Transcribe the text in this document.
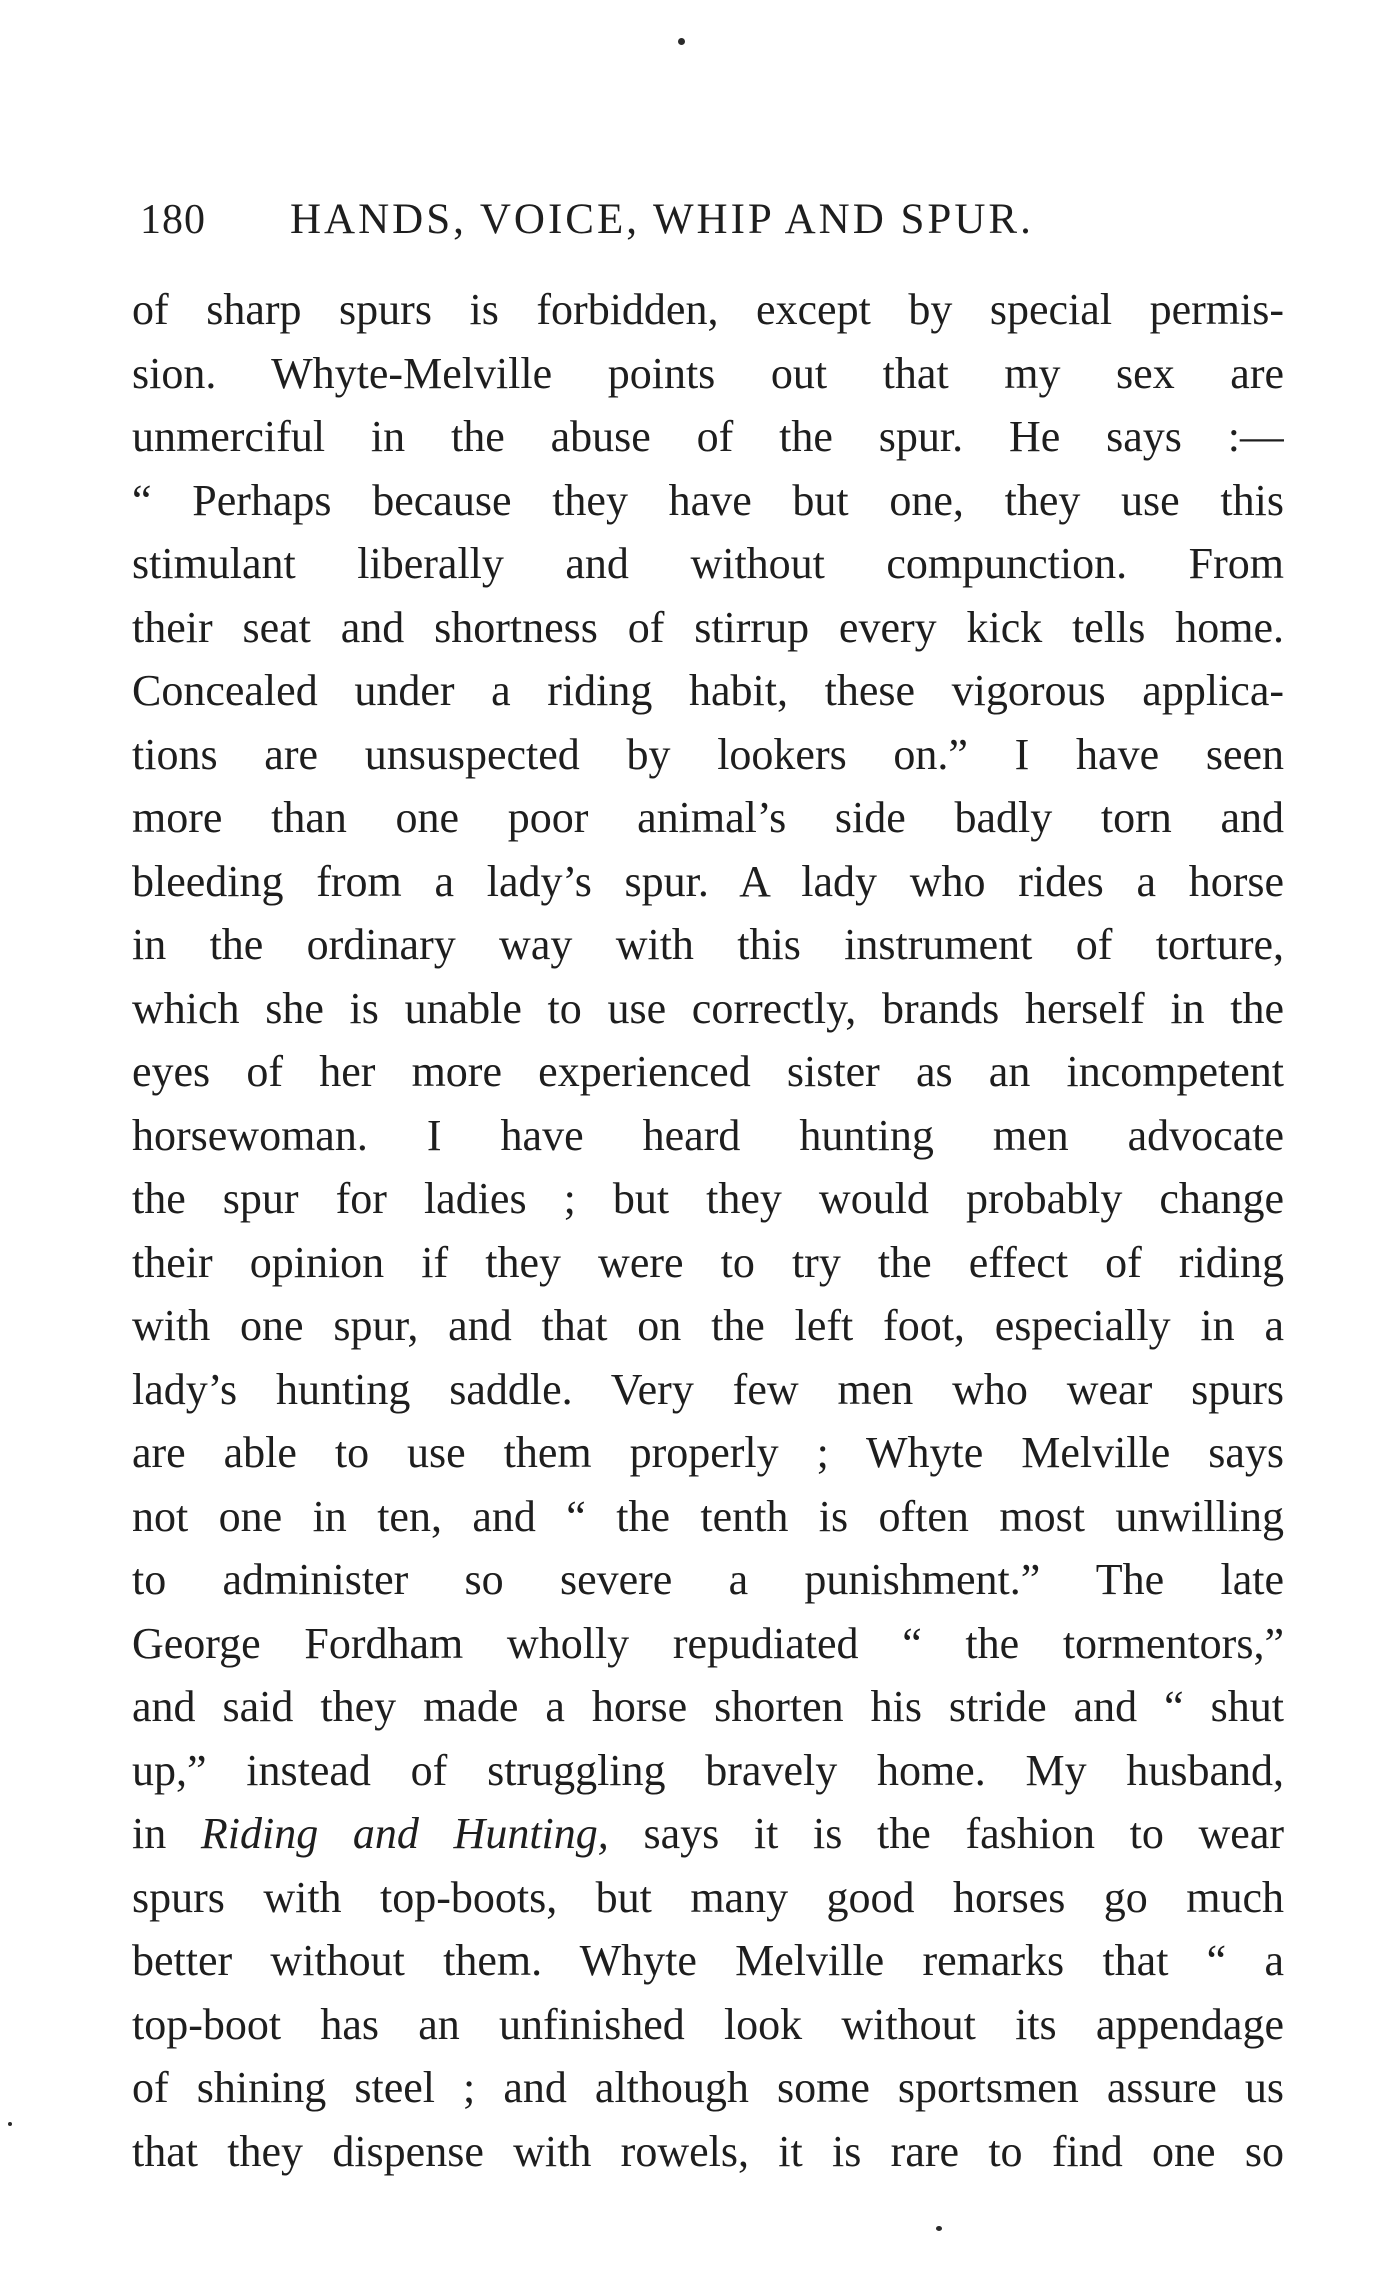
180 HANDS, VOICE, WHIP AND SPUR.
of sharp spurs is forbidden, except by special permis-
sion. Whyte-Melville points out that my sex are
unmerciful in the abuse of the spur. He says :—
“ Perhaps because they have but one, they use this
stimulant liberally and without compunction. From
their seat and shortness of stirrup every kick tells home.
Concealed under a riding habit, these vigorous applica-
tions are unsuspected by lookers on.” I have seen
more than one poor animal’s side badly torn and
bleeding from a lady’s spur. A lady who rides a horse
in the ordinary way with this instrument of torture,
which she is unable to use correctly, brands herself in the
eyes of her more experienced sister as an incompetent
horsewoman. I have heard hunting men advocate
the spur for ladies ; but they would probably change
their opinion if they were to try the effect of riding
with one spur, and that on the left foot, especially in a
lady’s hunting saddle. Very few men who wear spurs
are able to use them properly ; Whyte Melville says
not one in ten, and “ the tenth is often most unwilling
to administer so severe a punishment.” The late
George Fordham wholly repudiated “ the tormentors,”
and said they made a horse shorten his stride and “ shut
up,” instead of struggling bravely home. My husband,
in Riding and Hunting, says it is the fashion to wear
spurs with top-boots, but many good horses go much
better without them. Whyte Melville remarks that “ a
top-boot has an unfinished look without its appendage
of shining steel ; and although some sportsmen assure us
that they dispense with rowels, it is rare to find one so
